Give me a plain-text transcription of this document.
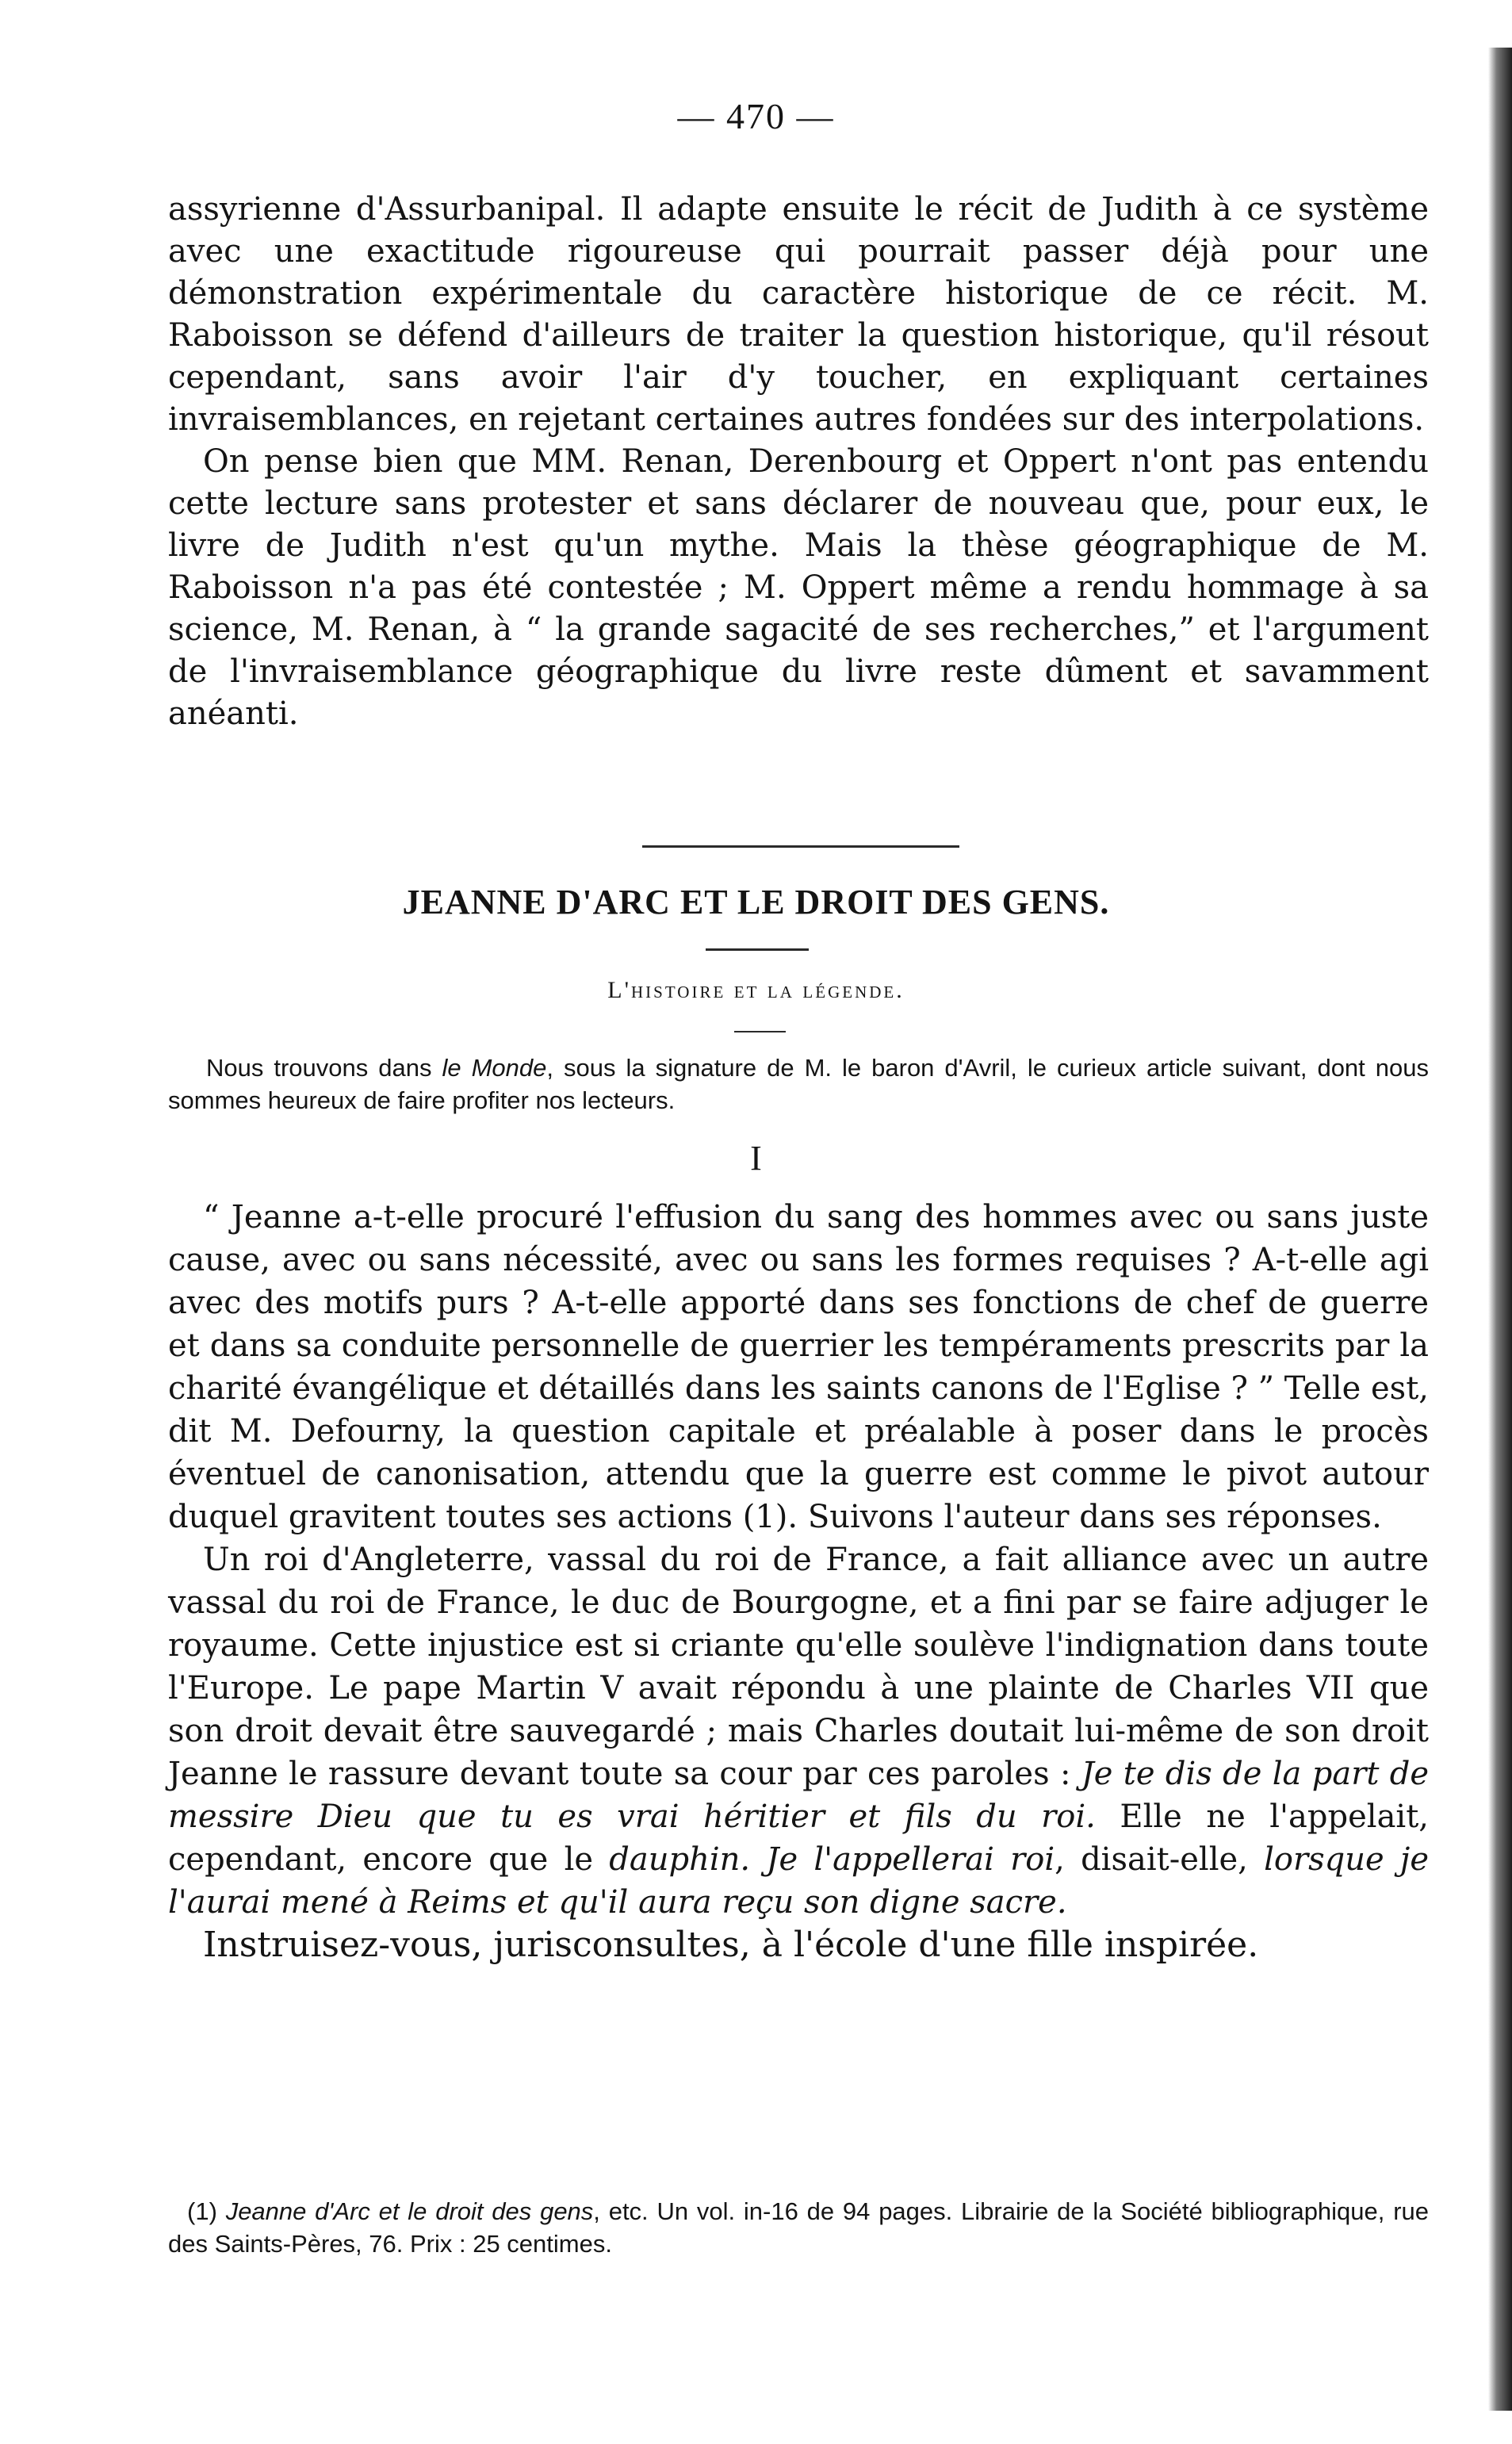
— 470 —

assyrienne d'Assurbanipal. Il adapte ensuite le récit de Judith à ce système avec une exactitude rigoureuse qui pourrait passer déjà pour une démonstration expérimentale du caractère historique de ce récit. M. Raboisson se défend d'ailleurs de traiter la question historique, qu'il résout cependant, sans avoir l'air d'y toucher, en expliquant certaines invraisemblances, en rejetant certaines autres fondées sur des interpolations.

On pense bien que MM. Renan, Derenbourg et Oppert n'ont pas entendu cette lecture sans protester et sans déclarer de nouveau que, pour eux, le livre de Judith n'est qu'un mythe. Mais la thèse géographique de M. Raboisson n'a pas été contestée ; M. Oppert même a rendu hommage à sa science, M. Renan, à “ la grande sagacité de ses recherches,” et l'argument de l'invraisemblance géographique du livre reste dûment et savamment anéanti.

JEANNE D'ARC ET LE DROIT DES GENS.
L'histoire et la légende.

Nous trouvons dans le Monde, sous la signature de M. le baron d'Avril, le curieux article suivant, dont nous sommes heureux de faire profiter nos lecteurs.

I

“ Jeanne a-t-elle procuré l'effusion du sang des hommes avec ou sans juste cause, avec ou sans nécessité, avec ou sans les formes requises ? A-t-elle agi avec des motifs purs ? A-t-elle apporté dans ses fonctions de chef de guerre et dans sa conduite personnelle de guerrier les tempéraments prescrits par la charité évangélique et détaillés dans les saints canons de l'Eglise ? ” Telle est, dit M. Defourny, la question capitale et préalable à poser dans le procès éventuel de canonisation, attendu que la guerre est comme le pivot autour duquel gravitent toutes ses actions (1). Suivons l'auteur dans ses réponses.

Un roi d'Angleterre, vassal du roi de France, a fait alliance avec un autre vassal du roi de France, le duc de Bourgogne, et a fini par se faire adjuger le royaume. Cette injustice est si criante qu'elle soulève l'indignation dans toute l'Europe. Le pape Martin V avait répondu à une plainte de Charles VII que son droit devait être sauvegardé ; mais Charles doutait lui-même de son droit Jeanne le rassure devant toute sa cour par ces paroles : Je te dis de la part de messire Dieu que tu es vrai héritier et fils du roi. Elle ne l'appelait, cependant, encore que le dauphin. Je l'appellerai roi, disait-elle, lorsque je l'aurai mené à Reims et qu'il aura reçu son digne sacre.

Instruisez-vous, jurisconsultes, à l'école d'une fille inspirée.

(1) Jeanne d'Arc et le droit des gens, etc. Un vol. in-16 de 94 pages. Librairie de la Société bibliographique, rue des Saints-Pères, 76. Prix : 25 centimes.
